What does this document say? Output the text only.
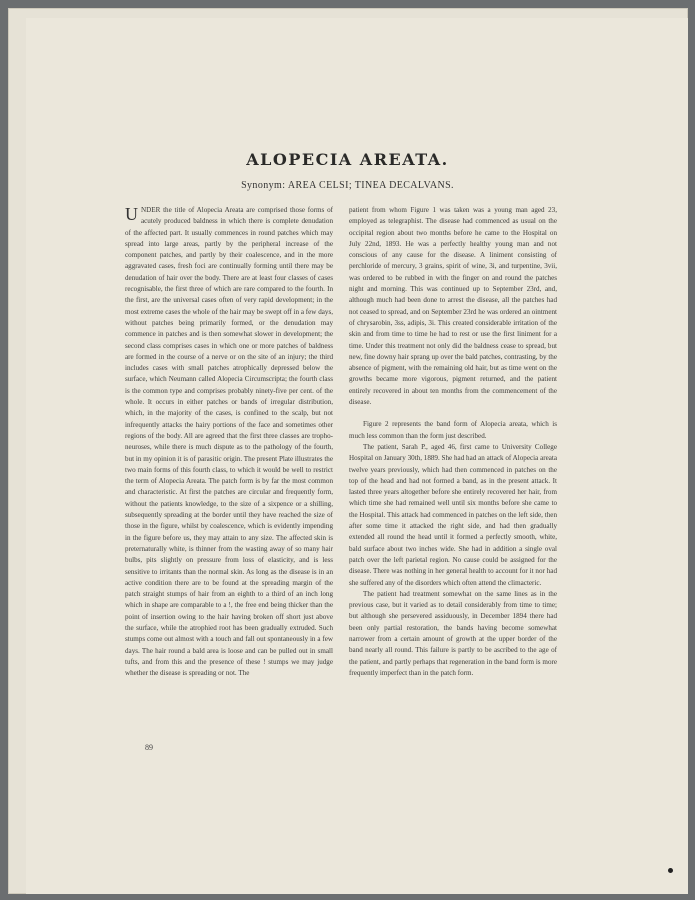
ALOPECIA AREATA.

Synonym: AREA CELSI; TINEA DECALVANS.

UNDER the title of Alopecia Areata are comprised those forms of acutely produced baldness in which there is complete denudation of the affected part. It usually commences in round patches which may spread into large areas, partly by the peripheral increase of the component patches, and partly by their coalescence, and in the more aggravated cases, fresh foci are continually forming until there may be denudation of hair over the body. There are at least four classes of cases recognisable, the first three of which are rare compared to the fourth. In the first, are the universal cases often of very rapid development; in the most extreme cases the whole of the hair may be swept off in a few days, without patches being primarily formed, or the denudation may commence in patches and is then somewhat slower in development; the second class comprises cases in which one or more patches of baldness are formed in the course of a nerve or on the site of an injury; the third includes cases with small patches atrophically depressed below the surface, which Neumann called Alopecia Circumscripta; the fourth class is the common type and comprises probably ninety-five per cent. of the whole. It occurs in either patches or bands of irregular distribution, which, in the majority of the cases, is confined to the scalp, but not infrequently attacks the hairy portions of the face and sometimes other regions of the body. All are agreed that the first three classes are tropho-neuroses, while there is much dispute as to the pathology of the fourth, but in my opinion it is of parasitic origin. The present Plate illustrates the two main forms of this fourth class, to which it would be well to restrict the term of Alopecia Areata. The patch form is by far the most common and characteristic. At first the patches are circular and frequently form, without the patients knowledge, to the size of a sixpence or a shilling, subsequently spreading at the border until they have reached the size of those in the figure, whilst by coalescence, which is evidently impending in the figure before us, they may attain to any size. The affected skin is preternaturally white, is thinner from the wasting away of so many hair bulbs, pits slightly on pressure from loss of elasticity, and is less sensitive to irritants than the normal skin. As long as the disease is in an active condition there are to be found at the spreading margin of the patch straight stumps of hair from an eighth to a third of an inch long which in shape are comparable to a !, the free end being thicker than the point of insertion owing to the hair having broken off short just above the surface, while the atrophied root has been gradually extruded. Such stumps come out almost with a touch and fall out spontaneously in a few days. The hair round a bald area is loose and can be pulled out in small tufts, and from this and the presence of these ! stumps we may judge whether the disease is spreading or not. The

patient from whom Figure 1 was taken was a young man aged 23, employed as telegraphist. The disease had commenced as usual on the occipital region about two months before he came to the Hospital on July 22nd, 1893. He was a perfectly healthy young man and not conscious of any cause for the disease. A liniment consisting of perchloride of mercury, 3 grains, spirit of wine, 3i, and turpentine, 3vii, was ordered to be rubbed in with the finger on and round the patches night and morning. This was continued up to September 23rd, and, although much had been done to arrest the disease, all the patches had not ceased to spread, and on September 23rd he was ordered an ointment of chrysarobin, 3ss, adipis, 3i. This created considerable irritation of the skin and from time to time he had to rest or use the first liniment for a time. Under this treatment not only did the baldness cease to spread, but new, fine downy hair sprang up over the bald patches, contrasting, by the absence of pigment, with the remaining old hair, but as time went on the growths became more vigorous, pigment returned, and the patient entirely recovered in about ten months from the commencement of the disease.

Figure 2 represents the band form of Alopecia areata, which is much less common than the form just described.

The patient, Sarah P., aged 46, first came to University College Hospital on January 30th, 1889. She had had an attack of Alopecia areata twelve years previously, which had then commenced in patches on the top of the head and had not formed a band, as in the present attack. It lasted three years altogether before she entirely recovered her hair, from which time she had remained well until six months before she came to the Hospital. This attack had commenced in patches on the left side, then after some time it attacked the right side, and had then gradually extended all round the head until it formed a perfectly smooth, white, bald surface about two inches wide. She had in addition a single oval patch over the left parietal region. No cause could be assigned for the disease. There was nothing in her general health to account for it nor had she suffered any of the disorders which often attend the climacteric.

The patient had treatment somewhat on the same lines as in the previous case, but it varied as to detail considerably from time to time; but although she persevered assiduously, in December 1894 there had been only partial restoration, the bands having become somewhat narrower from a certain amount of growth at the upper border of the band nearly all round. This failure is partly to be ascribed to the age of the patient, and partly perhaps that regeneration in the band form is more frequently imperfect than in the patch form.

89
